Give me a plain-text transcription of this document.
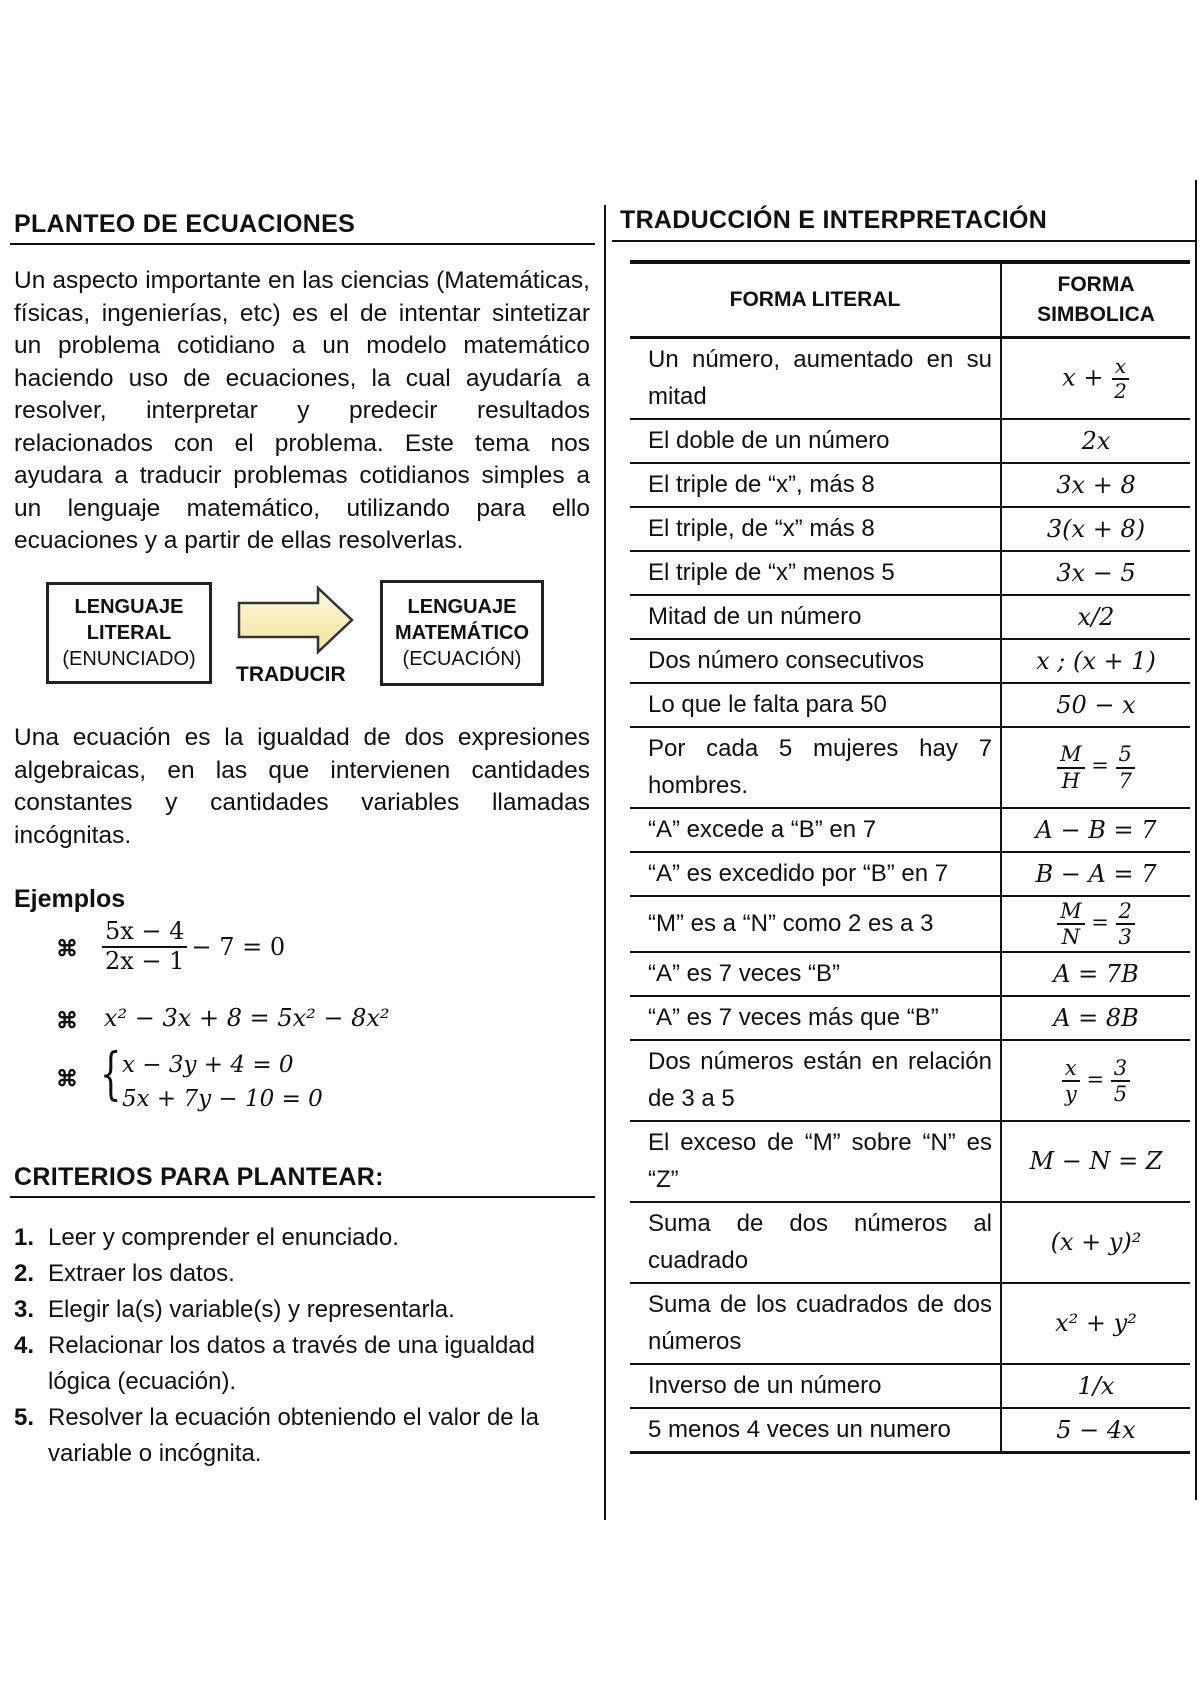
PLANTEO DE ECUACIONES
Un aspecto importante en las ciencias (Matemáticas, físicas, ingenierías, etc) es el de intentar sintetizar un problema cotidiano a un modelo matemático haciendo uso de ecuaciones, la cual ayudaría a resolver, interpretar y predecir resultados relacionados con el problema. Este tema nos ayudara a traducir problemas cotidianos simples a un lenguaje matemático, utilizando para ello ecuaciones y a partir de ellas resolverlas.
LENGUAJE
LITERAL
(ENUNCIADO)
TRADUCIR
LENGUAJE
MATEMÁTICO
(ECUACIÓN)
Una ecuación es la igualdad de dos expresiones algebraicas, en las que intervienen cantidades constantes y cantidades variables llamadas incógnitas.
Ejemplos
⌘ $\frac{5x - 4}{2x - 1} - 7 = 0$
⌘ x² − 3x + 8 = 5x² − 8x²
⌘ { x − 3y + 4 = 0
5x + 7y − 10 = 0
CRITERIOS PARA PLANTEAR:
1. Leer y comprender el enunciado.
2. Extraer los datos.
3. Elegir la(s) variable(s) y representarla.
4. Relacionar los datos a través de una igualdad lógica (ecuación).
5. Resolver la ecuación obteniendo el valor de la variable o incógnita.
TRADUCCIÓN E INTERPRETACIÓN
FORMA LITERAL	FORMA
SIMBOLICA

Un número, aumentado en su mitad	$x + \frac{x}{2}$

El doble de un número	2x
El triple de “x”, más 8	3x + 8
El triple, de “x” más 8	3(x + 8)
El triple de “x” menos 5	3x − 5
Mitad de un número	x/2
Dos número consecutivos	x ; (x + 1)
Lo que le falta para 50	50 − x
Por cada 5 mujeres hay 7 hombres.	$\frac{M}{H} = \frac{5}{7}$

“A” excede a “B” en 7	A − B = 7
“A” es excedido por “B” en 7	B − A = 7
“M” es a “N” como 2 es a 3	$\frac{M}{N} = \frac{2}{3}$

“A” es 7 veces “B”	A = 7B
“A” es 7 veces más que “B”	A = 8B
Dos números están en relación de 3 a 5	$\frac{x}{y} = \frac{3}{5}$

El exceso de “M” sobre “N” es “Z”	M − N = Z
Suma de dos números al cuadrado	(x + y)²
Suma de los cuadrados de dos números	x² + y²
Inverso de un número	1/x
5 menos 4 veces un numero	5 − 4x
